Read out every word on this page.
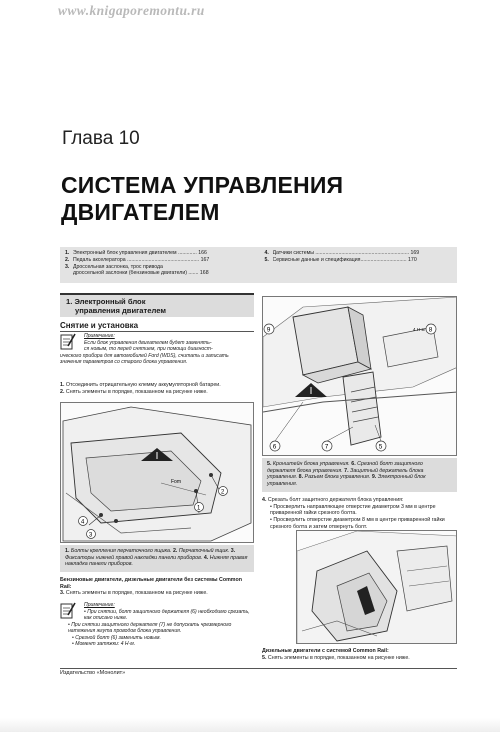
www.knigaporemontu.ru
Глава 10
СИСТЕМА УПРАВЛЕНИЯ ДВИГАТЕЛЕМ
1. Электронный блок управления двигателем ............. 166
2. Педаль акселератора .................................................. 167
3. Дроссельная заслонка, трос привода
дроссельной заслонки (бензиновые двигатели) ....... 168
4. Датчики системы ................................................................. 169
5. Сервисные данные и спецификация................................ 170
1. Электронный блок
управления двигателем
Снятие и установка
Примечание:
Если блок управления двигателем будет заменять-
ся новым, то перед снятием, при помощи диагност-
ического прибора для автомобилей Ford (WDS), считать и записать
значения параметров со старого блока управления.
1. Отсоединить отрицательную клемму аккумуляторной батареи.
2. Снять элементы в порядке, показанном на рисунке ниже.
2
1
4
3
Fom
1. Болты крепления перчаточного ящика. 2. Перчаточный ящик. 3. Фиксаторы нижней правой накладки панели приборов. 4. Нижняя правая накладка панели приборов.
Бензиновые двигатели, дизельные двигатели без системы Common Rail:
3. Снять элементы в порядке, показанном на рисунке ниже.
Примечание:
• При снятии, болт защитного держателя (6) необходимо срезать, как описано ниже.
• При снятии защитного держателя (7) не допускать чрезмерного натяжения жгута проводов блока управления.
• Срезной болт (6) заменить новым.
• Момент затяжки: 4 Н·м.
9	8
4 Н·м
6	7	5
5. Кронштейн блока управления. 6. Срезной болт защитного держателя блока управления. 7. Защитный держатель блока управления. 8. Разъем блока управления. 9. Электронный блок управления.
4. Срезать болт защитного держателя блока управления:
• Просверлить направляющее отверстие диаметром 3 мм в центре приваренной гайки срезного болта.
• Просверлить отверстие диаметром 8 мм в центре приваренной гайки срезного болта и затем отвернуть болт.
Дизельные двигатели с системой Common Rail:
5. Снять элементы в порядке, показанном на рисунке ниже.
Издательство «Монолит»
